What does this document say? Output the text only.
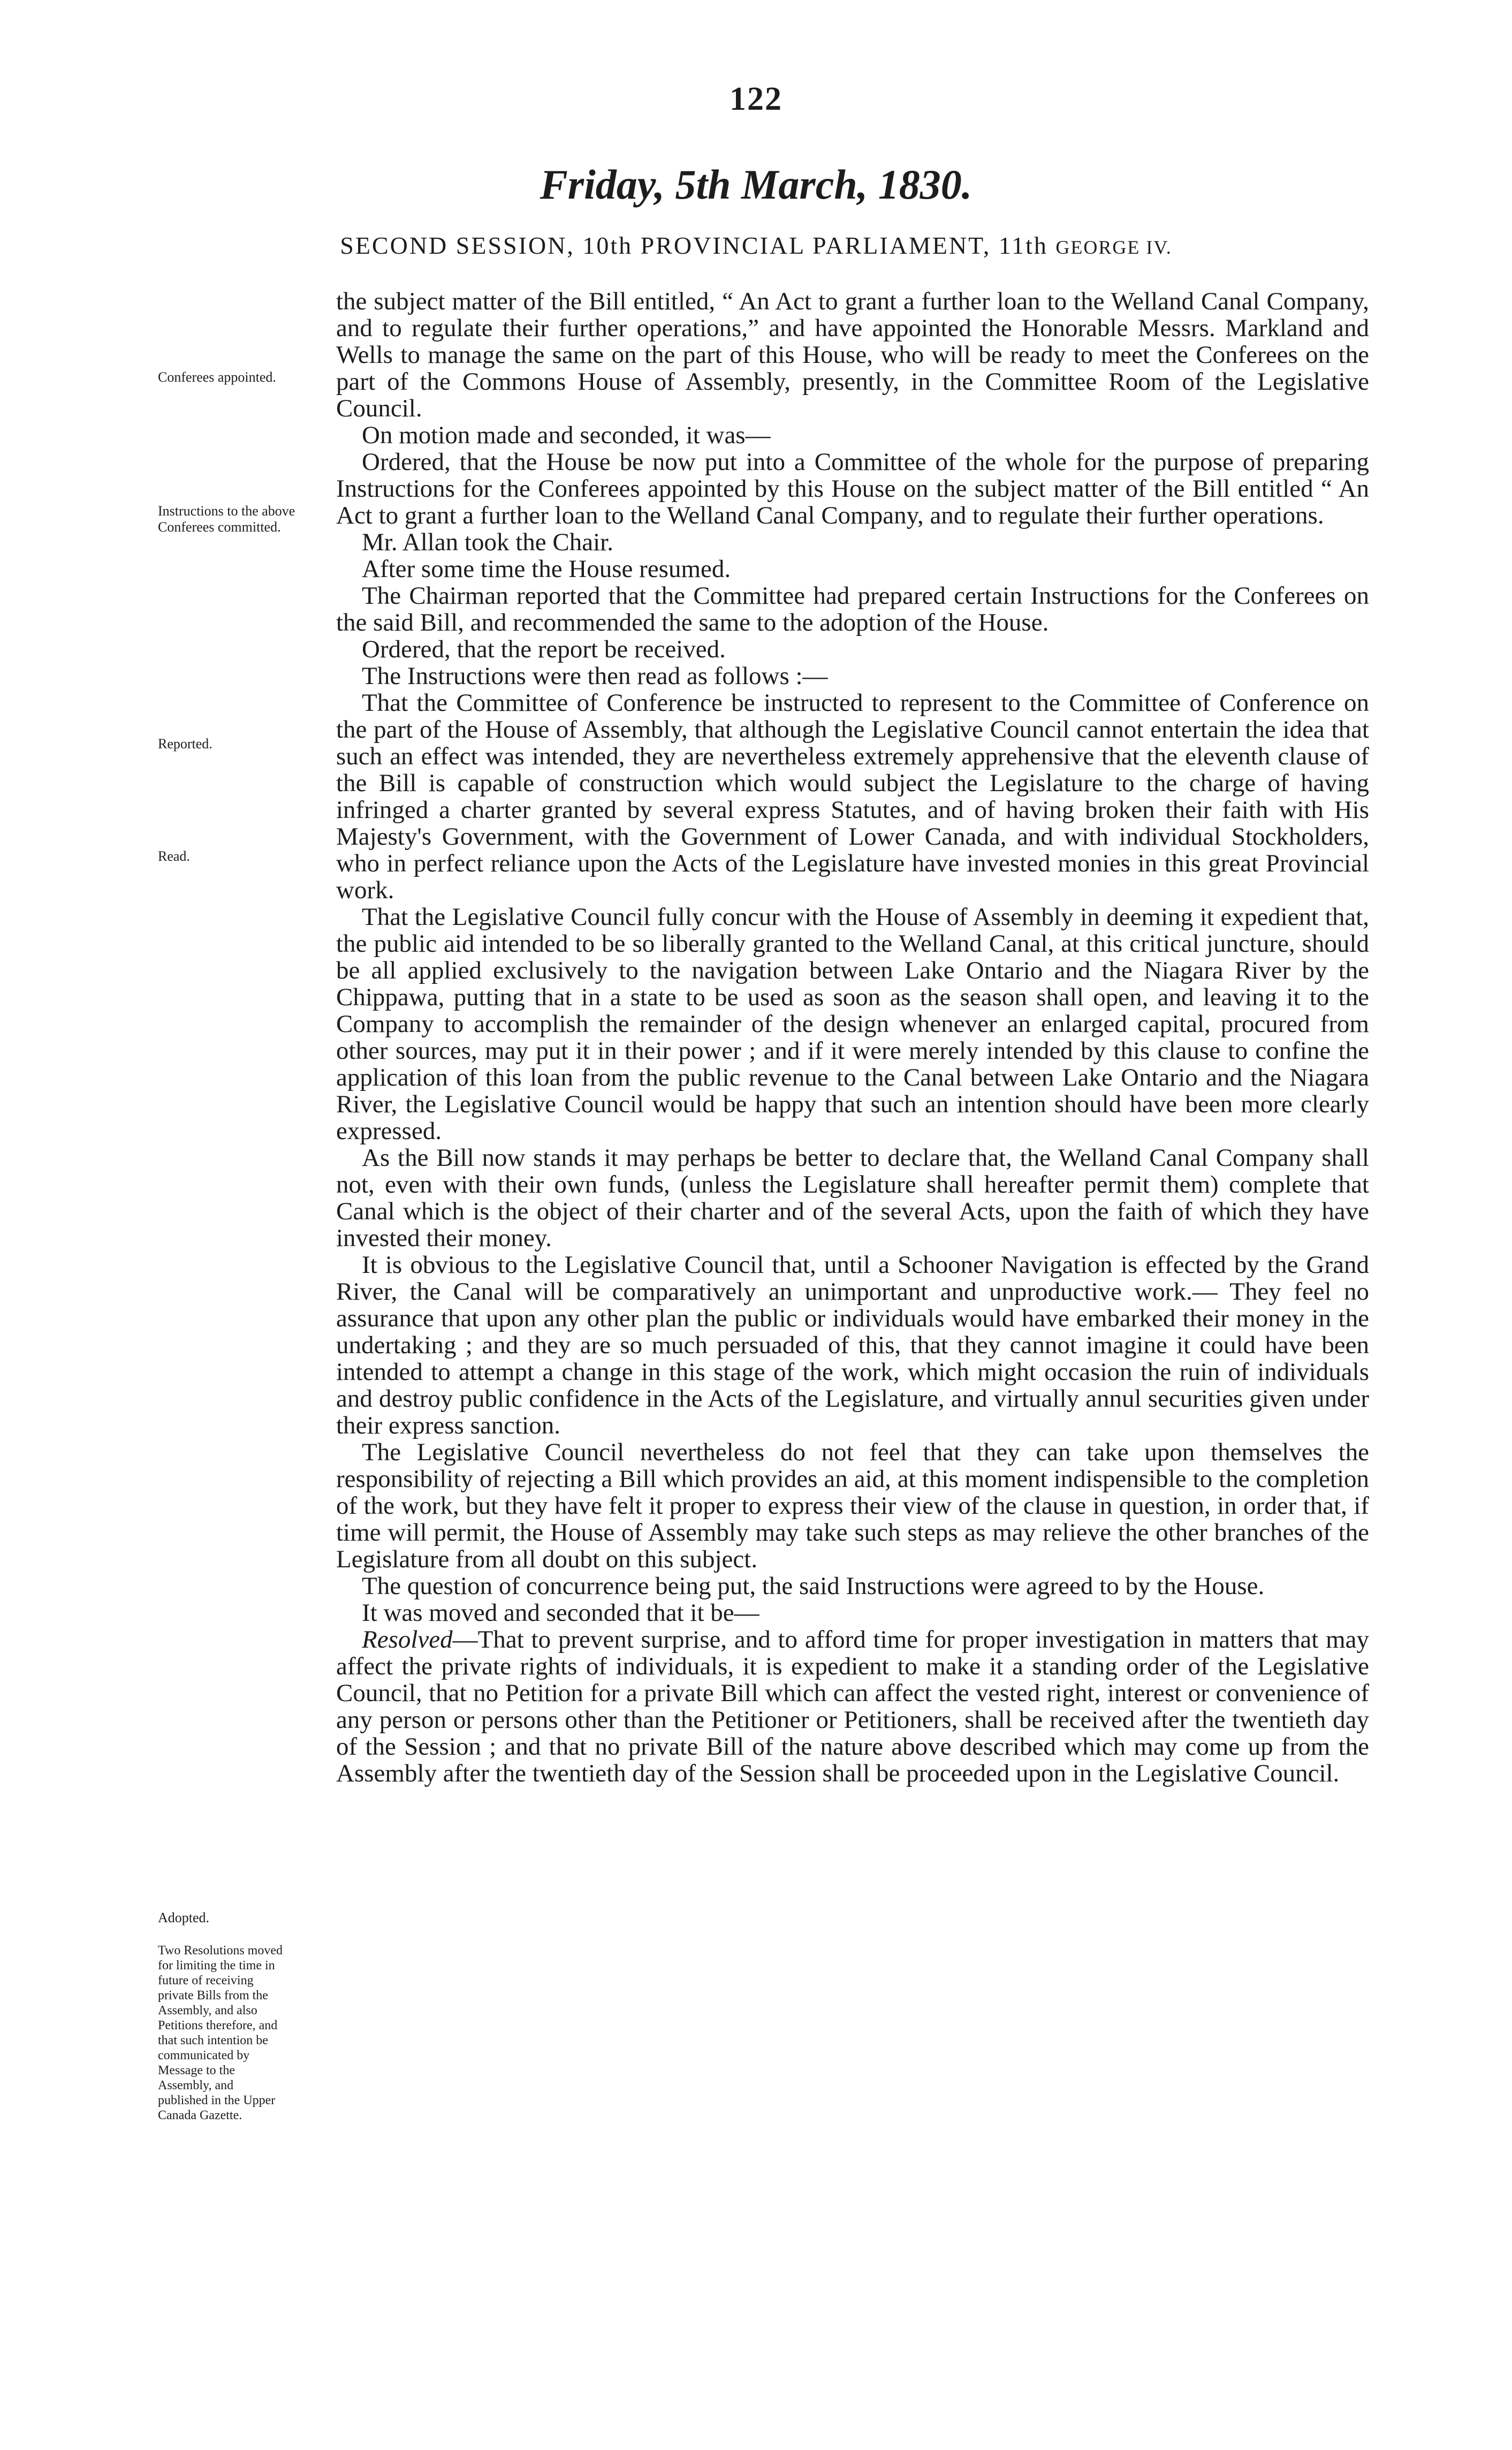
122
Friday, 5th March, 1830.
SECOND SESSION, 10th PROVINCIAL PARLIAMENT, 11th GEORGE IV.
Conferees appointed.
Instructions to the above Conferees committed.
Reported.
Read.
Adopted.
Two Resolutions moved for limiting the time in future of receiving private Bills from the Assembly, and also Petitions therefore, and that such intention be communicated by Message to the Assembly, and published in the Upper Canada Gazette.

the subject matter of the Bill entitled, “ An Act to grant a further loan to the Welland Canal Company, and to regulate their further operations,” and have appointed the Honorable Messrs. Markland and Wells to manage the same on the part of this House, who will be ready to meet the Conferees on the part of the Commons House of Assembly, presently, in the Committee Room of the Legislative Council.

On motion made and seconded, it was—

Ordered, that the House be now put into a Committee of the whole for the purpose of preparing Instructions for the Conferees appointed by this House on the subject matter of the Bill entitled “ An Act to grant a further loan to the Welland Canal Company, and to regulate their further operations.

Mr. Allan took the Chair.

After some time the House resumed.

The Chairman reported that the Committee had prepared certain Instructions for the Conferees on the said Bill, and recommended the same to the adoption of the House.

Ordered, that the report be received.

The Instructions were then read as follows :—

That the Committee of Conference be instructed to represent to the Committee of Conference on the part of the House of Assembly, that although the Legislative Council cannot entertain the idea that such an effect was intended, they are nevertheless extremely apprehensive that the eleventh clause of the Bill is capable of construction which would subject the Legislature to the charge of having infringed a charter granted by several express Statutes, and of having broken their faith with His Majesty's Government, with the Government of Lower Canada, and with individual Stockholders, who in perfect reliance upon the Acts of the Legislature have invested monies in this great Provincial work.

That the Legislative Council fully concur with the House of Assembly in deeming it expedient that, the public aid intended to be so liberally granted to the Welland Canal, at this critical juncture, should be all applied exclusively to the navigation between Lake Ontario and the Niagara River by the Chippawa, putting that in a state to be used as soon as the season shall open, and leaving it to the Company to accomplish the remainder of the design whenever an enlarged capital, procured from other sources, may put it in their power ; and if it were merely intended by this clause to confine the application of this loan from the public revenue to the Canal between Lake Ontario and the Niagara River, the Legislative Council would be happy that such an intention should have been more clearly expressed.

As the Bill now stands it may perhaps be better to declare that, the Welland Canal Company shall not, even with their own funds, (unless the Legislature shall hereafter permit them) complete that Canal which is the object of their charter and of the several Acts, upon the faith of which they have invested their money.

It is obvious to the Legislative Council that, until a Schooner Navigation is effected by the Grand River, the Canal will be comparatively an unimportant and unproductive work.— They feel no assurance that upon any other plan the public or individuals would have embarked their money in the undertaking ; and they are so much persuaded of this, that they cannot imagine it could have been intended to attempt a change in this stage of the work, which might occasion the ruin of individuals and destroy public confidence in the Acts of the Legislature, and virtually annul securities given under their express sanction.

The Legislative Council nevertheless do not feel that they can take upon themselves the responsibility of rejecting a Bill which provides an aid, at this moment indispensible to the completion of the work, but they have felt it proper to express their view of the clause in question, in order that, if time will permit, the House of Assembly may take such steps as may relieve the other branches of the Legislature from all doubt on this subject.

The question of concurrence being put, the said Instructions were agreed to by the House.

It was moved and seconded that it be—

Resolved—That to prevent surprise, and to afford time for proper investigation in matters that may affect the private rights of individuals, it is expedient to make it a standing order of the Legislative Council, that no Petition for a private Bill which can affect the vested right, interest or convenience of any person or persons other than the Petitioner or Petitioners, shall be received after the twentieth day of the Session ; and that no private Bill of the nature above described which may come up from the Assembly after the twentieth day of the Session shall be proceeded upon in the Legislative Council.
